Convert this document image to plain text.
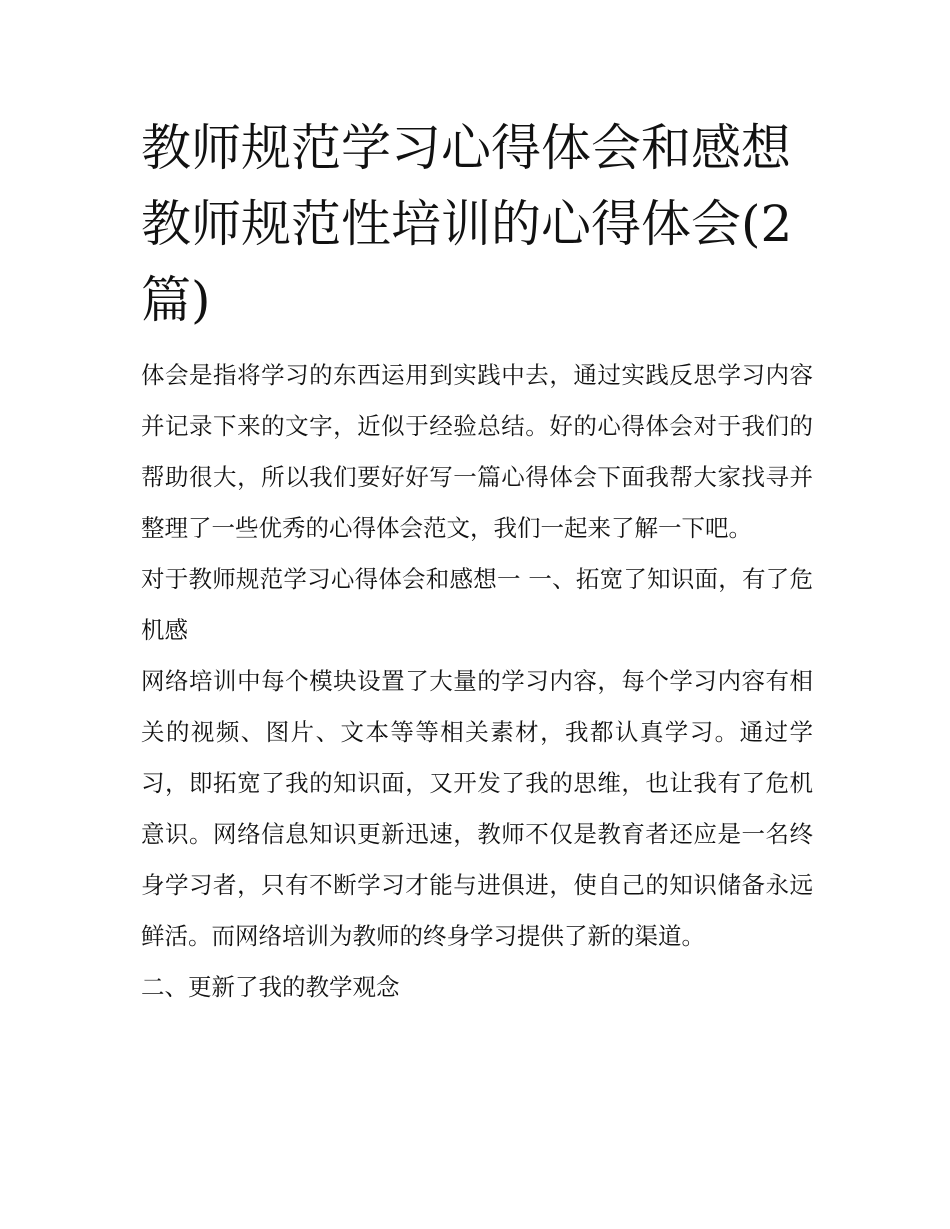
教师规范学习心得体会和感想教师规范性培训的心得体会(2篇)

体会是指将学习的东西运用到实践中去，通过实践反思学习内容并记录下来的文字，近似于经验总结。好的心得体会对于我们的帮助很大，所以我们要好好写一篇心得体会下面我帮大家找寻并整理了一些优秀的心得体会范文，我们一起来了解一下吧。

对于教师规范学习心得体会和感想一 一、拓宽了知识面，有了危机感

网络培训中每个模块设置了大量的学习内容，每个学习内容有相关的视频、图片、文本等等相关素材，我都认真学习。通过学习，即拓宽了我的知识面，又开发了我的思维，也让我有了危机意识。网络信息知识更新迅速，教师不仅是教育者还应是一名终身学习者，只有不断学习才能与进俱进，使自己的知识储备永远鲜活。而网络培训为教师的终身学习提供了新的渠道。

二、更新了我的教学观念
